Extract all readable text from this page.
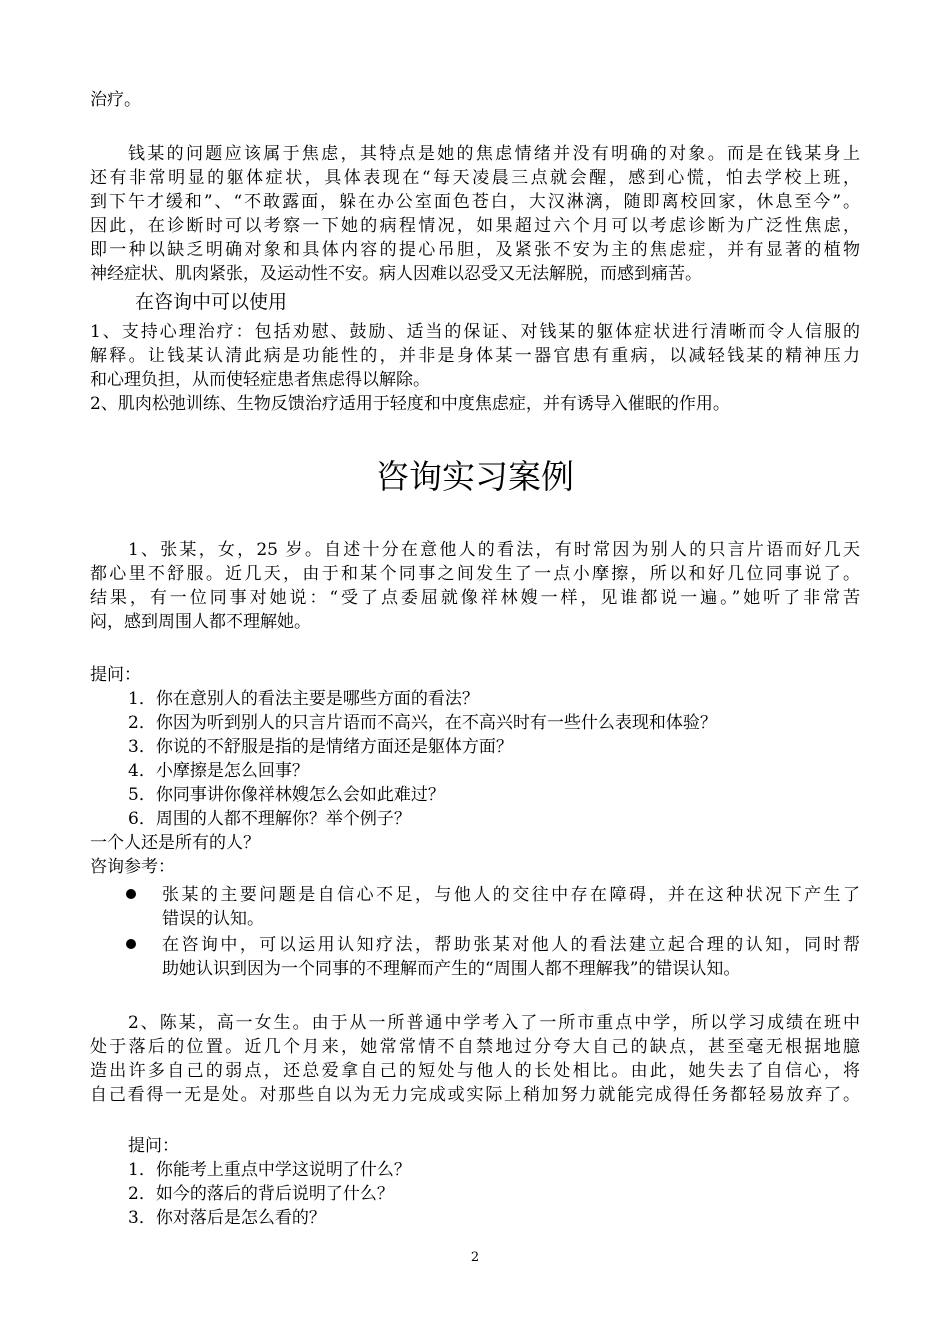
治疗。
钱某的问题应该属于焦虑，其特点是她的焦虑情绪并没有明确的对象。而是在钱某身上
还有非常明显的躯体症状，具体表现在“每天凌晨三点就会醒，感到心慌，怕去学校上班，
到下午才缓和”、“不敢露面，躲在办公室面色苍白，大汉淋漓，随即离校回家，休息至今”。
因此，在诊断时可以考察一下她的病程情况，如果超过六个月可以考虑诊断为广泛性焦虑，
即一种以缺乏明确对象和具体内容的提心吊胆，及紧张不安为主的焦虑症，并有显著的植物
神经症状、肌肉紧张，及运动性不安。病人因难以忍受又无法解脱，而感到痛苦。
在咨询中可以使用
1、支持心理治疗：包括劝慰、鼓励、适当的保证、对钱某的躯体症状进行清晰而令人信服的
解释。让钱某认清此病是功能性的，并非是身体某一器官患有重病，以减轻钱某的精神压力
和心理负担，从而使轻症患者焦虑得以解除。
2、肌肉松弛训练、生物反馈治疗适用于轻度和中度焦虑症，并有诱导入催眠的作用。
咨询实习案例
1、张某，女，25 岁。自述十分在意他人的看法，有时常因为别人的只言片语而好几天
都心里不舒服。近几天，由于和某个同事之间发生了一点小摩擦，所以和好几位同事说了。
结果，有一位同事对她说：“受了点委屈就像祥林嫂一样，见谁都说一遍。”她听了非常苦
闷，感到周围人都不理解她。
提问：
1．你在意别人的看法主要是哪些方面的看法？
2．你因为听到别人的只言片语而不高兴，在不高兴时有一些什么表现和体验？
3．你说的不舒服是指的是情绪方面还是躯体方面？
4．小摩擦是怎么回事？
5．你同事讲你像祥林嫂怎么会如此难过？
6．周围的人都不理解你？举个例子？
一个人还是所有的人？
咨询参考：
张某的主要问题是自信心不足，与他人的交往中存在障碍，并在这种状况下产生了
错误的认知。
在咨询中，可以运用认知疗法，帮助张某对他人的看法建立起合理的认知，同时帮
助她认识到因为一个同事的不理解而产生的“周围人都不理解我”的错误认知。
2、陈某，高一女生。由于从一所普通中学考入了一所市重点中学，所以学习成绩在班中
处于落后的位置。近几个月来，她常常情不自禁地过分夸大自己的缺点，甚至毫无根据地臆
造出许多自己的弱点，还总爱拿自己的短处与他人的长处相比。由此，她失去了自信心，将
自己看得一无是处。对那些自以为无力完成或实际上稍加努力就能完成得任务都轻易放弃了。
提问：
1．你能考上重点中学这说明了什么？
2．如今的落后的背后说明了什么？
3．你对落后是怎么看的？
2
